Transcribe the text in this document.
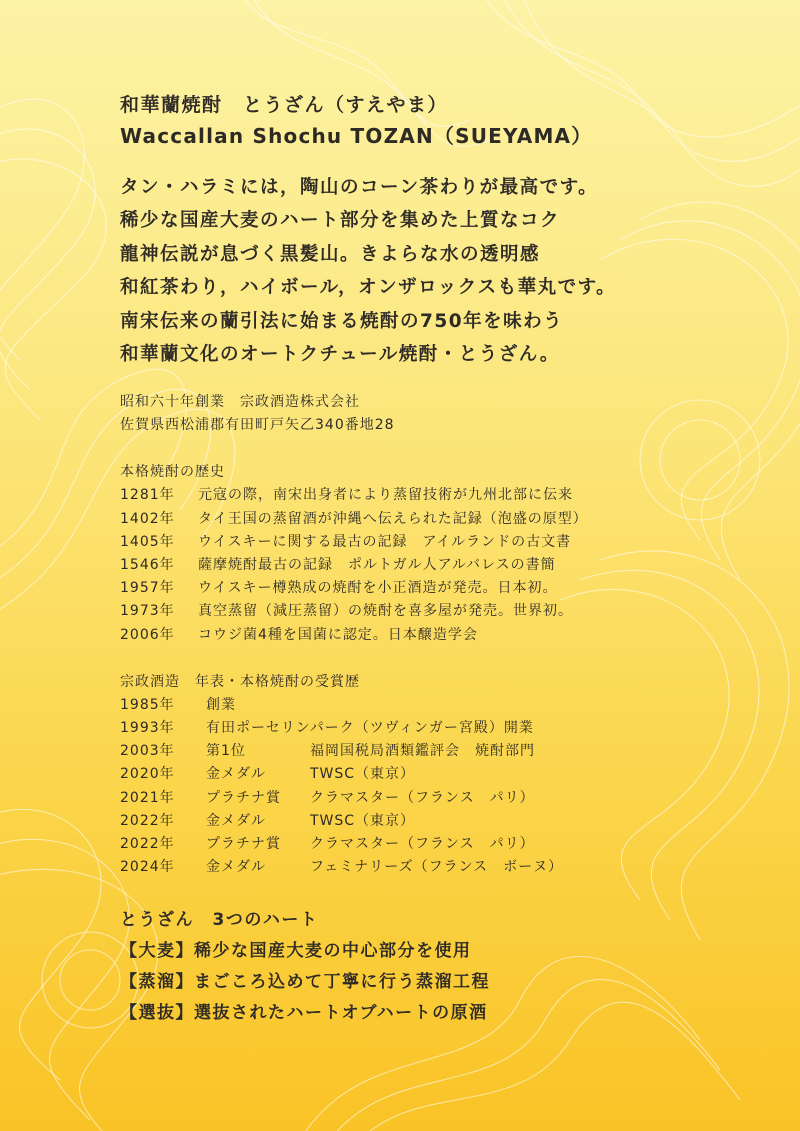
和華蘭焼酎　とうざん（すえやま）
Waccallan Shochu TOZAN（SUEYAMA）
タン・ハラミには，陶山のコーン茶わりが最高です。
稀少な国産大麦のハート部分を集めた上質なコク
龍神伝説が息づく黒髪山。きよらな水の透明感
和紅茶わり，ハイボール，オンザロックスも華丸です。
南宋伝来の蘭引法に始まる焼酎の750年を味わう
和華蘭文化のオートクチュール焼酎・とうざん。
昭和六十年創業　宗政酒造株式会社
佐賀県西松浦郡有田町戸矢乙340番地28
本格焼酎の歴史
1281年	元寇の際，南宋出身者により蒸留技術が九州北部に伝来
1402年	タイ王国の蒸留酒が沖縄へ伝えられた記録（泡盛の原型）
1405年	ウイスキーに関する最古の記録　アイルランドの古文書
1546年	薩摩焼酎最古の記録　ポルトガル人アルバレスの書簡
1957年	ウイスキー樽熟成の焼酎を小正酒造が発売。日本初。
1973年	真空蒸留（減圧蒸留）の焼酎を喜多屋が発売。世界初。
2006年	コウジ菌4種を国菌に認定。日本醸造学会
宗政酒造　年表・本格焼酎の受賞歴
1985年	創業
1993年	有田ポーセリンパーク（ツヴィンガー宮殿）開業
2003年	第1位	福岡国税局酒類鑑評会　焼酎部門
2020年	金メダル	TWSC（東京）
2021年	プラチナ賞	クラマスター（フランス　パリ）
2022年	金メダル	TWSC（東京）
2022年	プラチナ賞	クラマスター（フランス　パリ）
2024年	金メダル	フェミナリーズ（フランス　ボーヌ）
とうざん　3つのハート
【大麦】稀少な国産大麦の中心部分を使用
【蒸溜】まごころ込めて丁寧に行う蒸溜工程
【選抜】選抜されたハートオブハートの原酒
